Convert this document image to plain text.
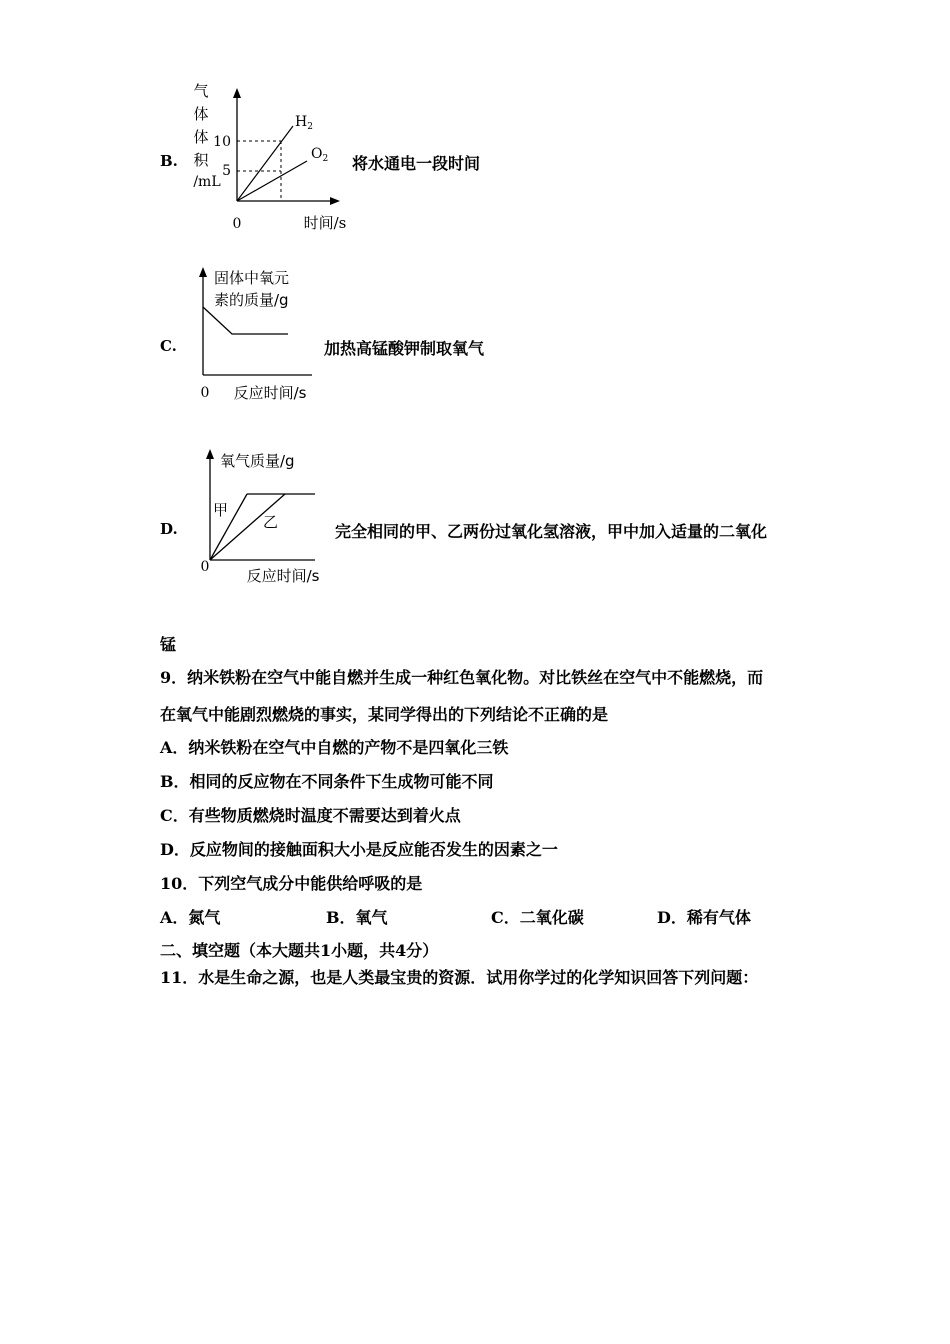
B.
气
体
体
积
/mL
10
5
$H_2$
$O_2$
0	时间/s
将水通电一段时间
C.
固体中氧元
素的质量/g
0 反应时间/s
加热高锰酸钾制取氧气
D.
氧气质量/g
甲
乙
0 反应时间/s
完全相同的甲、乙两份过氧化氢溶液，甲中加入适量的二氧化
锰
9．纳米铁粉在空气中能自燃并生成一种红色氧化物。对比铁丝在空气中不能燃烧，而
在氧气中能剧烈燃烧的事实，某同学得出的下列结论不正确的是
A．纳米铁粉在空气中自燃的产物不是四氧化三铁
B．相同的反应物在不同条件下生成物可能不同
C．有些物质燃烧时温度不需要达到着火点
D．反应物间的接触面积大小是反应能否发生的因素之一
10．下列空气成分中能供给呼吸的是
A．氮气	B．氧气	C．二氧化碳	D．稀有气体
二、填空题（本大题共1小题，共4分）
11．水是生命之源，也是人类最宝贵的资源．试用你学过的化学知识回答下列问题：
